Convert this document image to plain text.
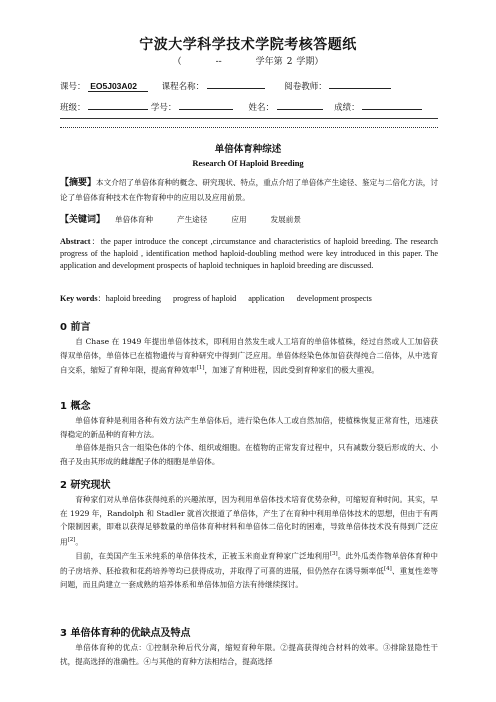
宁波大学科学技术学院考核答题纸
（	--	学年第 2 学期）
课号： EO5J03A02	课程名称：	阅卷教师：
班级：	学号：	姓名：	成绩：
单倍体育种综述
Research Of Haploid Breeding
【摘要】本文介绍了单倍体育种的概念、研究现状、特点，重点介绍了单倍体产生途径、鉴定与二倍化方法，讨论了单倍体育种技术在作物育种中的应用以及应用前景。
【关键词】 单倍体育种	产生途径	应用	发展前景
Abstract：the paper introduce the concept ,circumstance and characteristics of haploid breeding. The research progress of the haploid , identification method haploid-doubling method were key introduced in this paper. The application and development prospects of haploid techniques in haploid breeding are discussed.
Key words：haploid breeding progress of haploid application development prospects
0 前言
自 Chase 在 1949 年提出单倍体技术，即利用自然发生或人工培育的单倍体植株，经过自然或人工加倍获得双单倍体，单倍体已在植物遗传与育种研究中得到广泛应用。单倍体经染色体加倍获得纯合二倍体，从中选育自交系，缩短了育种年限，提高育种效率[1]，加速了育种进程，因此受到育种家们的极大重视。
1 概念
单倍体育种是利用各种有效方法产生单倍体后，进行染色体人工或自然加倍，使植株恢复正常育性，迅速获得稳定的新品种的育种方法。
单倍体是指只含一组染色体的个体、组织或细胞。在植物的正常发育过程中，只有减数分裂后形成的大、小孢子及由其形成的雌雄配子体的细胞是单倍体。
2 研究现状
育种家们对从单倍体获得纯系的兴趣浓厚，因为利用单倍体技术培育优势杂种，可缩短育种时间。其实，早在 1929 年，Randolph 和 Stadler 就首次报道了单倍体，产生了在育种中利用单倍体技术的思想，但由于有两个限制因素，即难以获得足够数量的单倍体育种材料和单倍体二倍化时的困难，导致单倍体技术没有得到广泛应用[2]。
目前，在美国产生玉米纯系的单倍体技术，正被玉米商业育种家广泛地利用[3]。此外瓜类作物单倍体育种中的子房培养、胚抢救和花药培养等均已获得成功，并取得了可喜的进展，但仍然存在诱导频率低[4]、重复性差等问题，而且尚建立一套成熟的培养体系和单倍体加倍方法有待继续探讨。
3 单倍体育种的优缺点及特点
单倍体育种的优点：①控制杂种后代分离，缩短育种年限。②提高获得纯合材料的效率。③排除显隐性干扰，提高选择的准确性。④与其他的育种方法相结合，提高选择
